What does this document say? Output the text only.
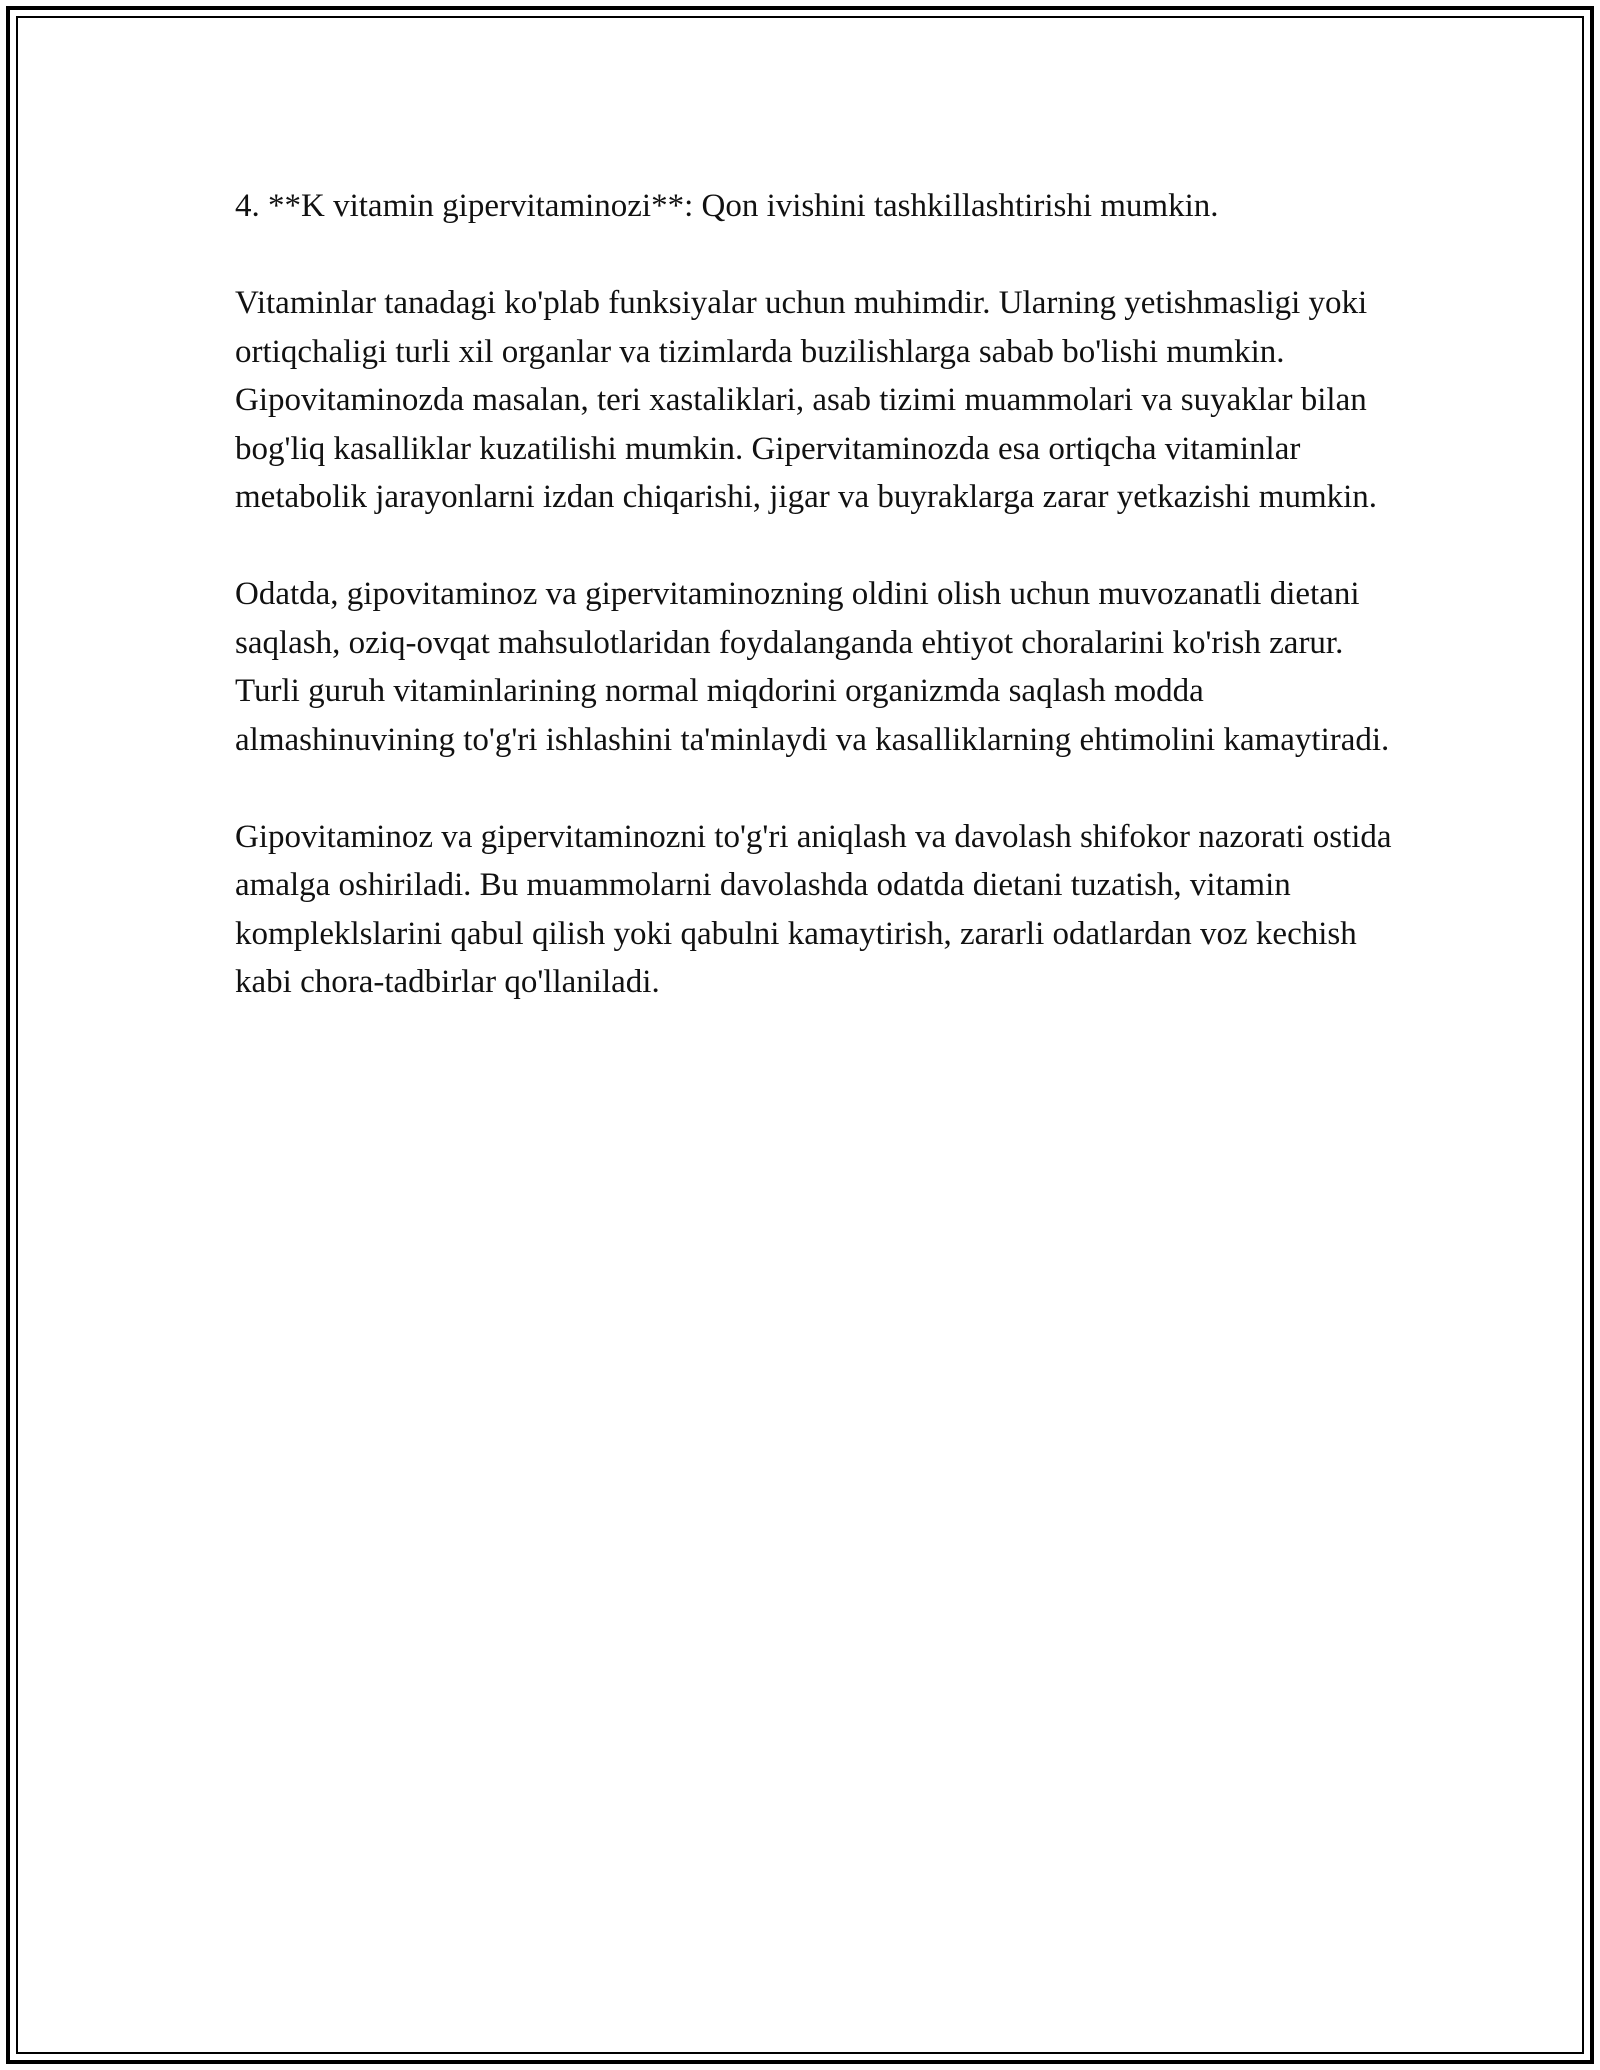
4. **K vitamin gipervitaminozi**: Qon ivishini tashkillashtirishi mumkin.

Vitaminlar tanadagi ko'plab funksiyalar uchun muhimdir. Ularning yetishmasligi yoki ortiqchaligi turli xil organlar va tizimlarda buzilishlarga sabab bo'lishi mumkin. Gipovitaminozda masalan, teri xastaliklari, asab tizimi muammolari va suyaklar bilan bog'liq kasalliklar kuzatilishi mumkin. Gipervitaminozda esa ortiqcha vitaminlar metabolik jarayonlarni izdan chiqarishi, jigar va buyraklarga zarar yetkazishi mumkin.

Odatda, gipovitaminoz va gipervitaminozning oldini olish uchun muvozanatli dietani saqlash, oziq-ovqat mahsulotlaridan foydalanganda ehtiyot choralarini ko'rish zarur. Turli guruh vitaminlarining normal miqdorini organizmda saqlash modda almashinuvining to'g'ri ishlashini ta'minlaydi va kasalliklarning ehtimolini kamaytiradi.

Gipovitaminoz va gipervitaminozni to'g'ri aniqlash va davolash shifokor nazorati ostida amalga oshiriladi. Bu muammolarni davolashda odatda dietani tuzatish, vitamin kompleklslarini qabul qilish yoki qabulni kamaytirish, zararli odatlardan voz kechish kabi chora-tadbirlar qo'llaniladi.
